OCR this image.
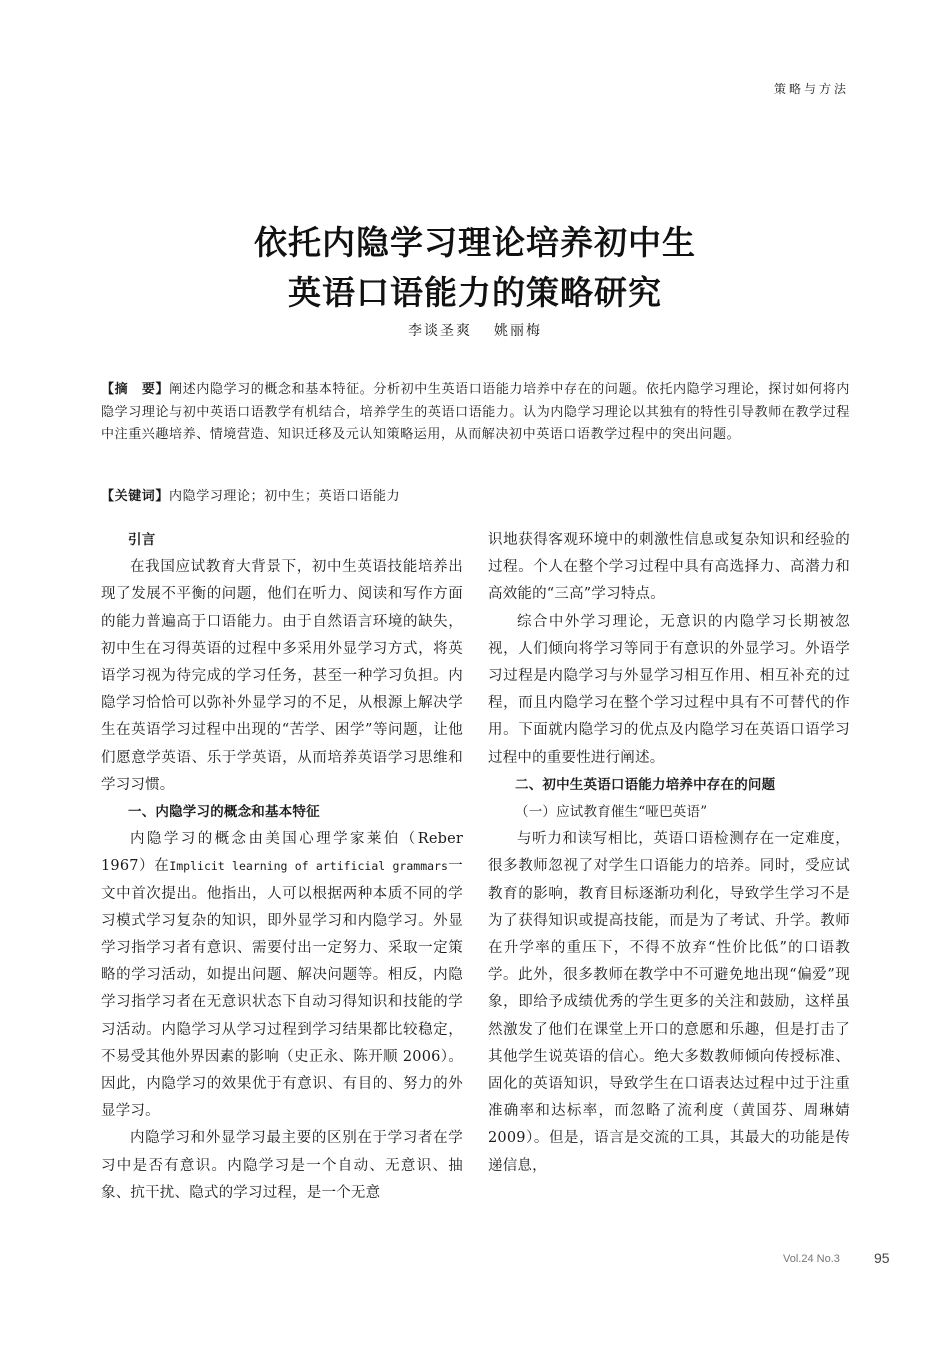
策略与方法
依托内隐学习理论培养初中生
英语口语能力的策略研究
李谈圣爽 姚丽梅
【摘　要】阐述内隐学习的概念和基本特征。分析初中生英语口语能力培养中存在的问题。依托内隐学习理论，探讨如何将内隐学习理论与初中英语口语教学有机结合，培养学生的英语口语能力。认为内隐学习理论以其独有的特性引导教师在教学过程中注重兴趣培养、情境营造、知识迁移及元认知策略运用，从而解决初中英语口语教学过程中的突出问题。
【关键词】内隐学习理论；初中生；英语口语能力
引言

在我国应试教育大背景下，初中生英语技能培养出现了发展不平衡的问题，他们在听力、阅读和写作方面的能力普遍高于口语能力。由于自然语言环境的缺失，初中生在习得英语的过程中多采用外显学习方式，将英语学习视为待完成的学习任务，甚至一种学习负担。内隐学习恰恰可以弥补外显学习的不足，从根源上解决学生在英语学习过程中出现的“苦学、困学”等问题，让他们愿意学英语、乐于学英语，从而培养英语学习思维和学习习惯。

一、内隐学习的概念和基本特征

内隐学习的概念由美国心理学家莱伯（Reber 1967）在Implicit learning of artificial grammars一文中首次提出。他指出，人可以根据两种本质不同的学习模式学习复杂的知识，即外显学习和内隐学习。外显学习指学习者有意识、需要付出一定努力、采取一定策略的学习活动，如提出问题、解决问题等。相反，内隐学习指学习者在无意识状态下自动习得知识和技能的学习活动。内隐学习从学习过程到学习结果都比较稳定，不易受其他外界因素的影响（史正永、陈开顺 2006）。因此，内隐学习的效果优于有意识、有目的、努力的外显学习。

内隐学习和外显学习最主要的区别在于学习者在学习中是否有意识。内隐学习是一个自动、无意识、抽象、抗干扰、隐式的学习过程，是一个无意

识地获得客观环境中的刺激性信息或复杂知识和经验的过程。个人在整个学习过程中具有高选择力、高潜力和高效能的“三高”学习特点。

综合中外学习理论，无意识的内隐学习长期被忽视，人们倾向将学习等同于有意识的外显学习。外语学习过程是内隐学习与外显学习相互作用、相互补充的过程，而且内隐学习在整个学习过程中具有不可替代的作用。下面就内隐学习的优点及内隐学习在英语口语学习过程中的重要性进行阐述。

二、初中生英语口语能力培养中存在的问题
（一）应试教育催生“哑巴英语”

与听力和读写相比，英语口语检测存在一定难度，很多教师忽视了对学生口语能力的培养。同时，受应试教育的影响，教育目标逐渐功利化，导致学生学习不是为了获得知识或提高技能，而是为了考试、升学。教师在升学率的重压下，不得不放弃“性价比低”的口语教学。此外，很多教师在教学中不可避免地出现“偏爱”现象，即给予成绩优秀的学生更多的关注和鼓励，这样虽然激发了他们在课堂上开口的意愿和乐趣，但是打击了其他学生说英语的信心。绝大多数教师倾向传授标准、固化的英语知识，导致学生在口语表达过程中过于注重准确率和达标率，而忽略了流利度（黄国芬、周琳婧 2009）。但是，语言是交流的工具，其最大的功能是传递信息，

Vol.24 No.3 95
